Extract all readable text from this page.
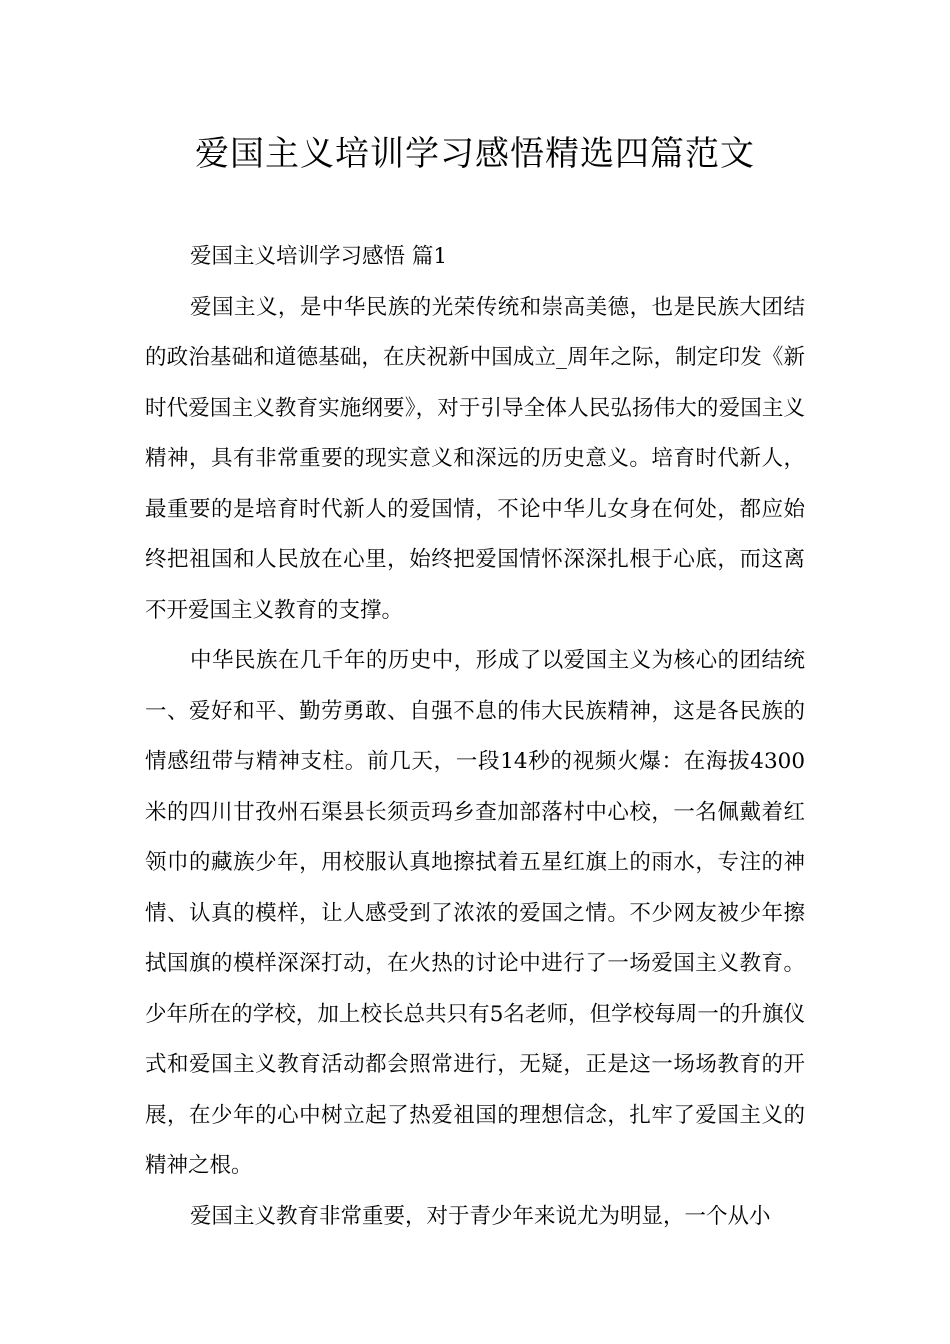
爱国主义培训学习感悟精选四篇范文
爱国主义培训学习感悟 篇1

爱国主义，是中华民族的光荣传统和崇高美德，也是民族大团结的政治基础和道德基础，在庆祝新中国成立_周年之际，制定印发《新时代爱国主义教育实施纲要》，对于引导全体人民弘扬伟大的爱国主义精神，具有非常重要的现实意义和深远的历史意义。培育时代新人，最重要的是培育时代新人的爱国情，不论中华儿女身在何处，都应始终把祖国和人民放在心里，始终把爱国情怀深深扎根于心底，而这离不开爱国主义教育的支撑。

中华民族在几千年的历史中，形成了以爱国主义为核心的团结统一、爱好和平、勤劳勇敢、自强不息的伟大民族精神，这是各民族的情感纽带与精神支柱。前几天，一段14秒的视频火爆：在海拔4300米的四川甘孜州石渠县长须贡玛乡查加部落村中心校，一名佩戴着红领巾的藏族少年，用校服认真地擦拭着五星红旗上的雨水，专注的神情、认真的模样，让人感受到了浓浓的爱国之情。不少网友被少年擦拭国旗的模样深深打动，在火热的讨论中进行了一场爱国主义教育。少年所在的学校，加上校长总共只有5名老师，但学校每周一的升旗仪式和爱国主义教育活动都会照常进行，无疑，正是这一场场教育的开展，在少年的心中树立起了热爱祖国的理想信念，扎牢了爱国主义的精神之根。

爱国主义教育非常重要，对于青少年来说尤为明显，一个从小
